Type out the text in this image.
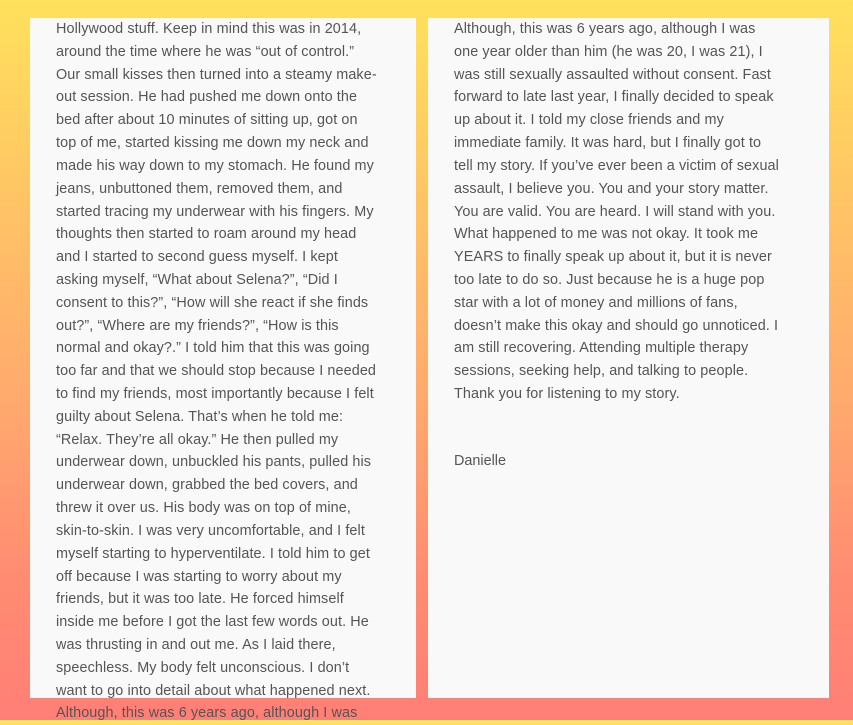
Hollywood stuff. Keep in mind this was in 2014,
around the time where he was “out of control.”
Our small kisses then turned into a steamy make-
out session. He had pushed me down onto the
bed after about 10 minutes of sitting up, got on
top of me, started kissing me down my neck and
made his way down to my stomach. He found my
jeans, unbuttoned them, removed them, and
started tracing my underwear with his fingers. My
thoughts then started to roam around my head
and I started to second guess myself. I kept
asking myself, “What about Selena?”, “Did I
consent to this?”, “How will she react if she finds
out?”, “Where are my friends?”, “How is this
normal and okay?.” I told him that this was going
too far and that we should stop because I needed
to find my friends, most importantly because I felt
guilty about Selena. That’s when he told me:
“Relax. They’re all okay.” He then pulled my
underwear down, unbuckled his pants, pulled his
underwear down, grabbed the bed covers, and
threw it over us. His body was on top of mine,
skin-to-skin. I was very uncomfortable, and I felt
myself starting to hyperventilate. I told him to get
off because I was starting to worry about my
friends, but it was too late. He forced himself
inside me before I got the last few words out. He
was thrusting in and out me. As I laid there,
speechless. My body felt unconscious. I don’t
want to go into detail about what happened next.
Although, this was 6 years ago, although I was
Although, this was 6 years ago, although I was
one year older than him (he was 20, I was 21), I
was still sexually assaulted without consent. Fast
forward to late last year, I finally decided to speak
up about it. I told my close friends and my
immediate family. It was hard, but I finally got to
tell my story. If you’ve ever been a victim of sexual
assault, I believe you. You and your story matter.
You are valid. You are heard. I will stand with you.
What happened to me was not okay. It took me
YEARS to finally speak up about it, but it is never
too late to do so. Just because he is a huge pop
star with a lot of money and millions of fans,
doesn’t make this okay and should go unnoticed. I
am still recovering. Attending multiple therapy
sessions, seeking help, and talking to people.
Thank you for listening to my story.

Danielle
